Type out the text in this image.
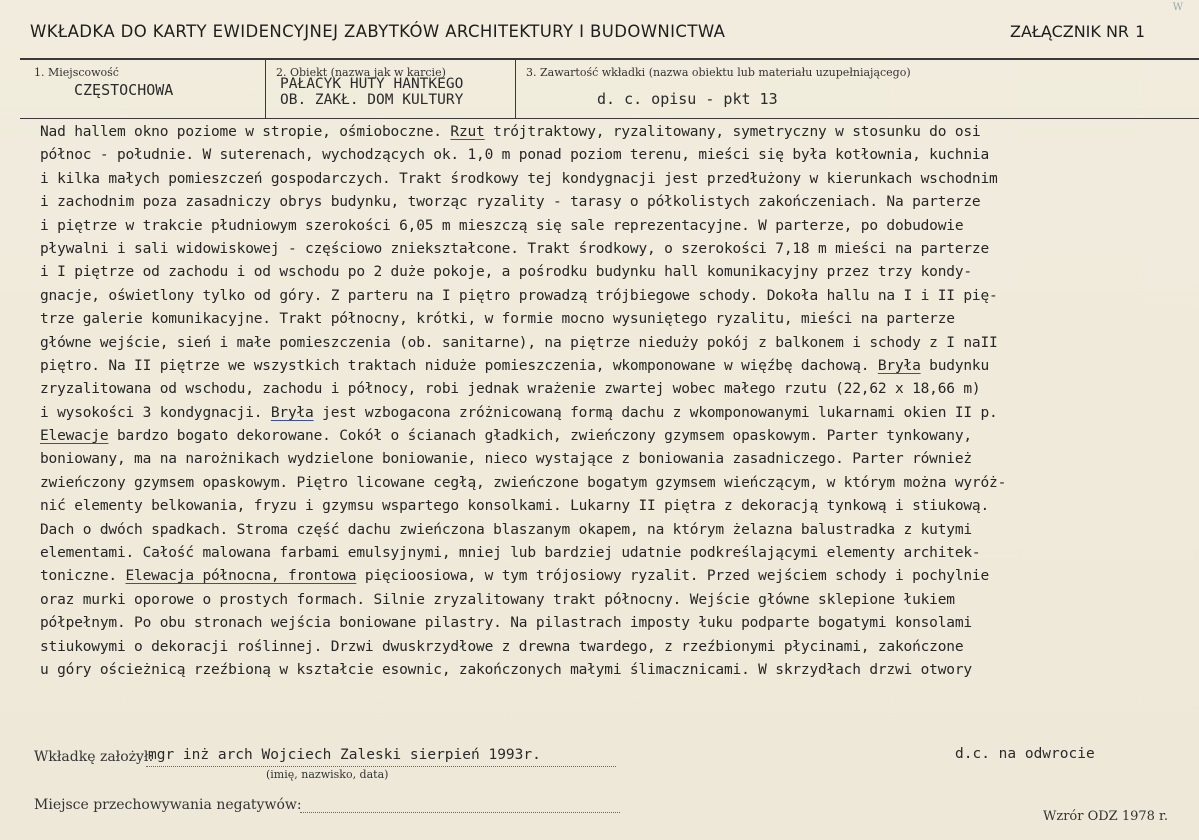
W
WKŁADKA DO KARTY EWIDENCYJNEJ ZABYTKÓW ARCHITEKTURY I BUDOWNICTWA	ZAŁĄCZNIK NR 1
1. Miejscowość
CZĘSTOCHOWA
2. Obiekt (nazwa jak w karcie)
PAŁACYK HUTY HANTKEGO
OB. ZAKŁ. DOM KULTURY
3. Zawartość wkładki (nazwa obiektu lub materiału uzupełniającego)
d. c. opisu - pkt 13
Nad hallem okno poziome w stropie, ośmioboczne. Rzut trójtraktowy, ryzalitowany, symetryczny w stosunku do osi
północ - południe. W suterenach, wychodzących ok. 1,0 m ponad poziom terenu, mieści się była kotłownia, kuchnia
i kilka małych pomieszczeń gospodarczych. Trakt środkowy tej kondygnacji jest przedłużony w kierunkach wschodnim
i zachodnim poza zasadniczy obrys budynku, tworząc ryzality - tarasy o półkolistych zakończeniach. Na parterze
i piętrze w trakcie płudniowym szerokości 6,05 m mieszczą się sale reprezentacyjne. W parterze, po dobudowie
pływalni i sali widowiskowej - częściowo zniekształcone. Trakt środkowy, o szerokości 7,18 m mieści na parterze
i I piętrze od zachodu i od wschodu po 2 duże pokoje, a pośrodku budynku hall komunikacyjny przez trzy kondy-
gnacje, oświetlony tylko od góry. Z parteru na I piętro prowadzą trójbiegowe schody. Dokoła hallu na I i II pię-
trze galerie komunikacyjne. Trakt północny, krótki, w formie mocno wysuniętego ryzalitu, mieści na parterze
główne wejście, sień i małe pomieszczenia (ob. sanitarne), na piętrze nieduży pokój z balkonem i schody z I naII
piętro. Na II piętrze we wszystkich traktach niduże pomieszczenia, wkomponowane w więźbę dachową. Bryła budynku
zryzalitowana od wschodu, zachodu i północy, robi jednak wrażenie zwartej wobec małego rzutu (22,62 x 18,66 m)
i wysokości 3 kondygnacji. Bryła jest wzbogacona zróżnicowaną formą dachu z wkomponowanymi lukarnami okien II p.
Elewacje bardzo bogato dekorowane. Cokół o ścianach gładkich, zwieńczony gzymsem opaskowym. Parter tynkowany,
boniowany, ma na narożnikach wydzielone boniowanie, nieco wystające z boniowania zasadniczego. Parter również
zwieńczony gzymsem opaskowym. Piętro licowane cegłą, zwieńczone bogatym gzymsem wieńczącym, w którym można wyróż-
nić elementy belkowania, fryzu i gzymsu wspartego konsolkami. Lukarny II piętra z dekoracją tynkową i stiukową.
Dach o dwóch spadkach. Stroma część dachu zwieńczona blaszanym okapem, na którym żelazna balustradka z kutymi
elementami. Całość malowana farbami emulsyjnymi, mniej lub bardziej udatnie podkreślającymi elementy architek-
toniczne. Elewacja północna, frontowa pięcioosiowa, w tym trójosiowy ryzalit. Przed wejściem schody i pochylnie
oraz murki oporowe o prostych formach. Silnie zryzalitowany trakt północny. Wejście główne sklepione łukiem
półpełnym. Po obu stronach wejścia boniowane pilastry. Na pilastrach imposty łuku podparte bogatymi konsolami
stiukowymi o dekoracji roślinnej. Drzwi dwuskrzydłowe z drewna twardego, z rzeźbionymi płycinami, zakończone
u góry ościeżnicą rzeźbioną w kształcie esownic, zakończonych małymi ślimacznicami. W skrzydłach drzwi otwory
Wkładkę założył:
mgr inż arch Wojciech Zaleski sierpień 1993r.
(imię, nazwisko, data)
d.c. na odwrocie
Miejsce przechowywania negatywów:
Wzrór ODZ 1978 r.
